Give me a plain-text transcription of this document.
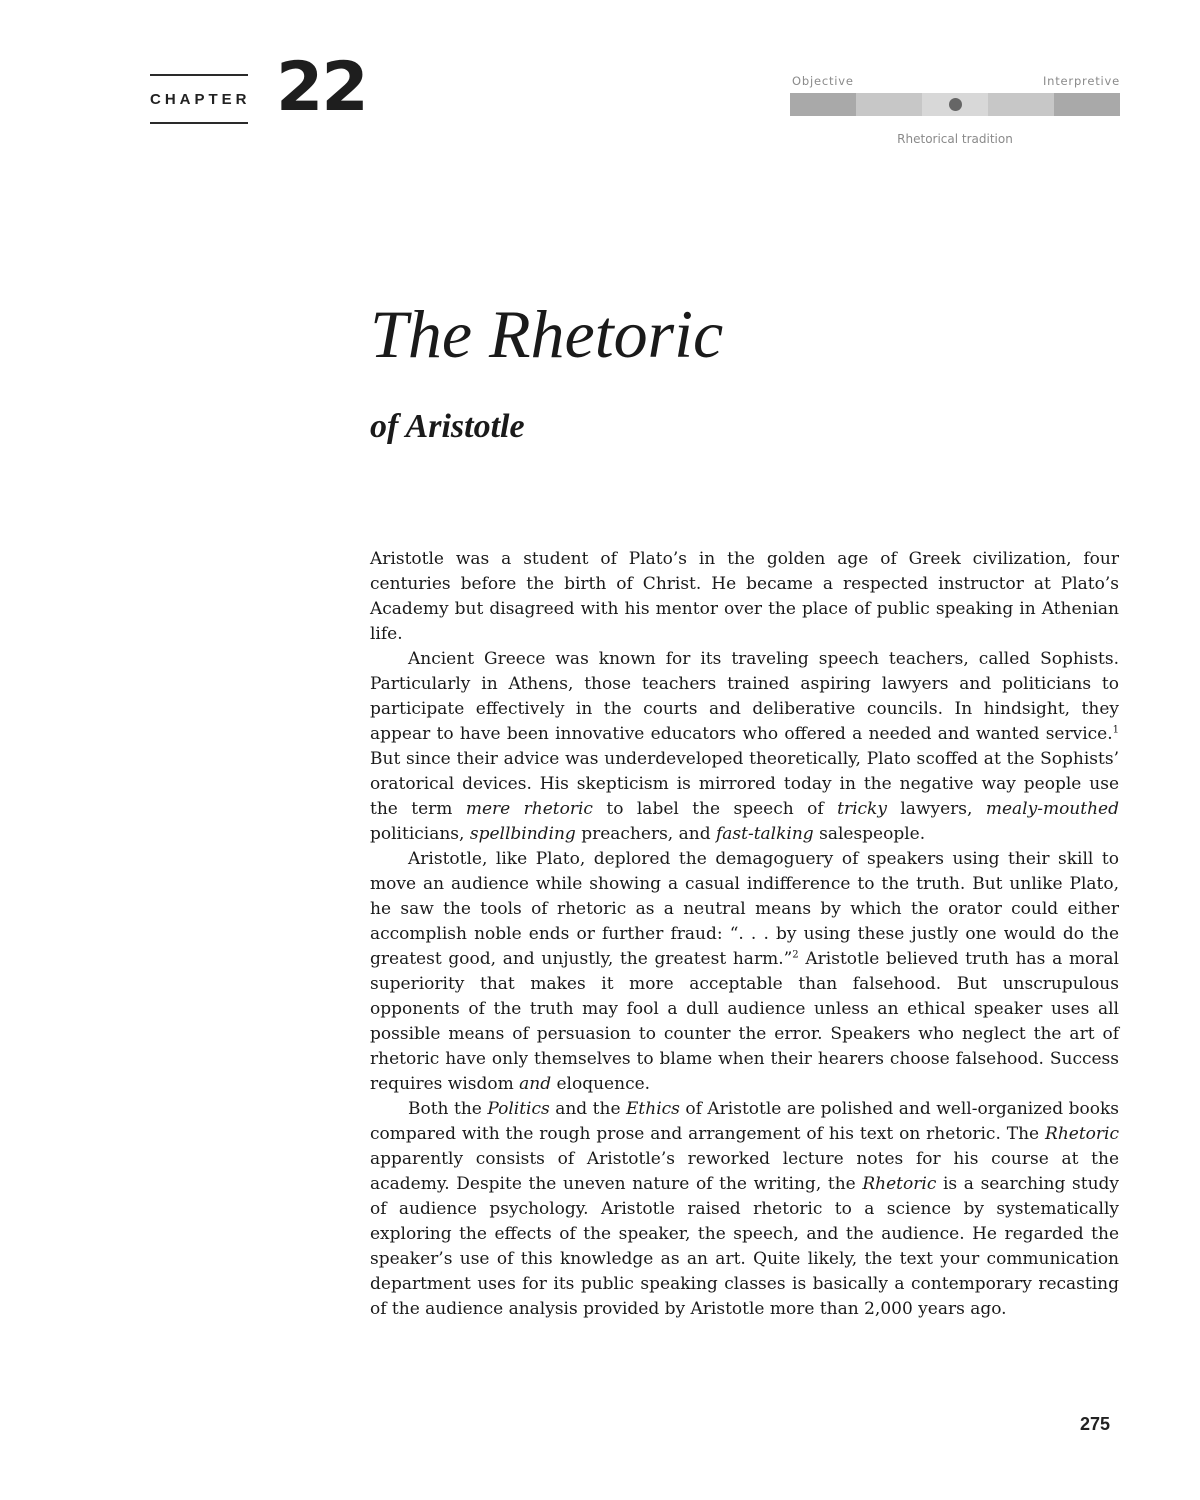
CHAPTER 22	Objective	Interpretive
Rhetorical tradition
The Rhetoric
of Aristotle

Aristotle was a student of Plato’s in the golden age of Greek civilization, four centuries before the birth of Christ. He became a respected instructor at Plato’s Academy but disagreed with his mentor over the place of public speaking in Athenian life.

Ancient Greece was known for its traveling speech teachers, called Sophists. Particularly in Athens, those teachers trained aspiring lawyers and politicians to participate effectively in the courts and deliberative councils. In hindsight, they appear to have been innovative educators who offered a needed and wanted service.$^1$ But since their advice was underdeveloped theoretically, Plato scoffed at the Sophists’ oratorical devices. His skepticism is mirrored today in the negative way people use the term mere rhetoric to label the speech of tricky lawyers, mealy-mouthed politicians, spellbinding preachers, and fast-talking salespeople.

Aristotle, like Plato, deplored the demagoguery of speakers using their skill to move an audience while showing a casual indifference to the truth. But unlike Plato, he saw the tools of rhetoric as a neutral means by which the orator could either accomplish noble ends or further fraud: “. . . by using these justly one would do the greatest good, and unjustly, the greatest harm.”$^2$ Aristotle believed truth has a moral superiority that makes it more acceptable than falsehood. But unscrupulous opponents of the truth may fool a dull audience unless an ethical speaker uses all possible means of persuasion to counter the error. Speakers who neglect the art of rhetoric have only themselves to blame when their hearers choose falsehood. Success requires wisdom and eloquence.

Both the Politics and the Ethics of Aristotle are polished and well-organized books compared with the rough prose and arrangement of his text on rhetoric. The Rhetoric apparently consists of Aristotle’s reworked lecture notes for his course at the academy. Despite the uneven nature of the writing, the Rhetoric is a searching study of audience psychology. Aristotle raised rhetoric to a science by systematically exploring the effects of the speaker, the speech, and the audience. He regarded the speaker’s use of this knowledge as an art. Quite likely, the text your communication department uses for its public speaking classes is basically a contemporary recasting of the audience analysis provided by Aristotle more than 2,000 years ago.

275
